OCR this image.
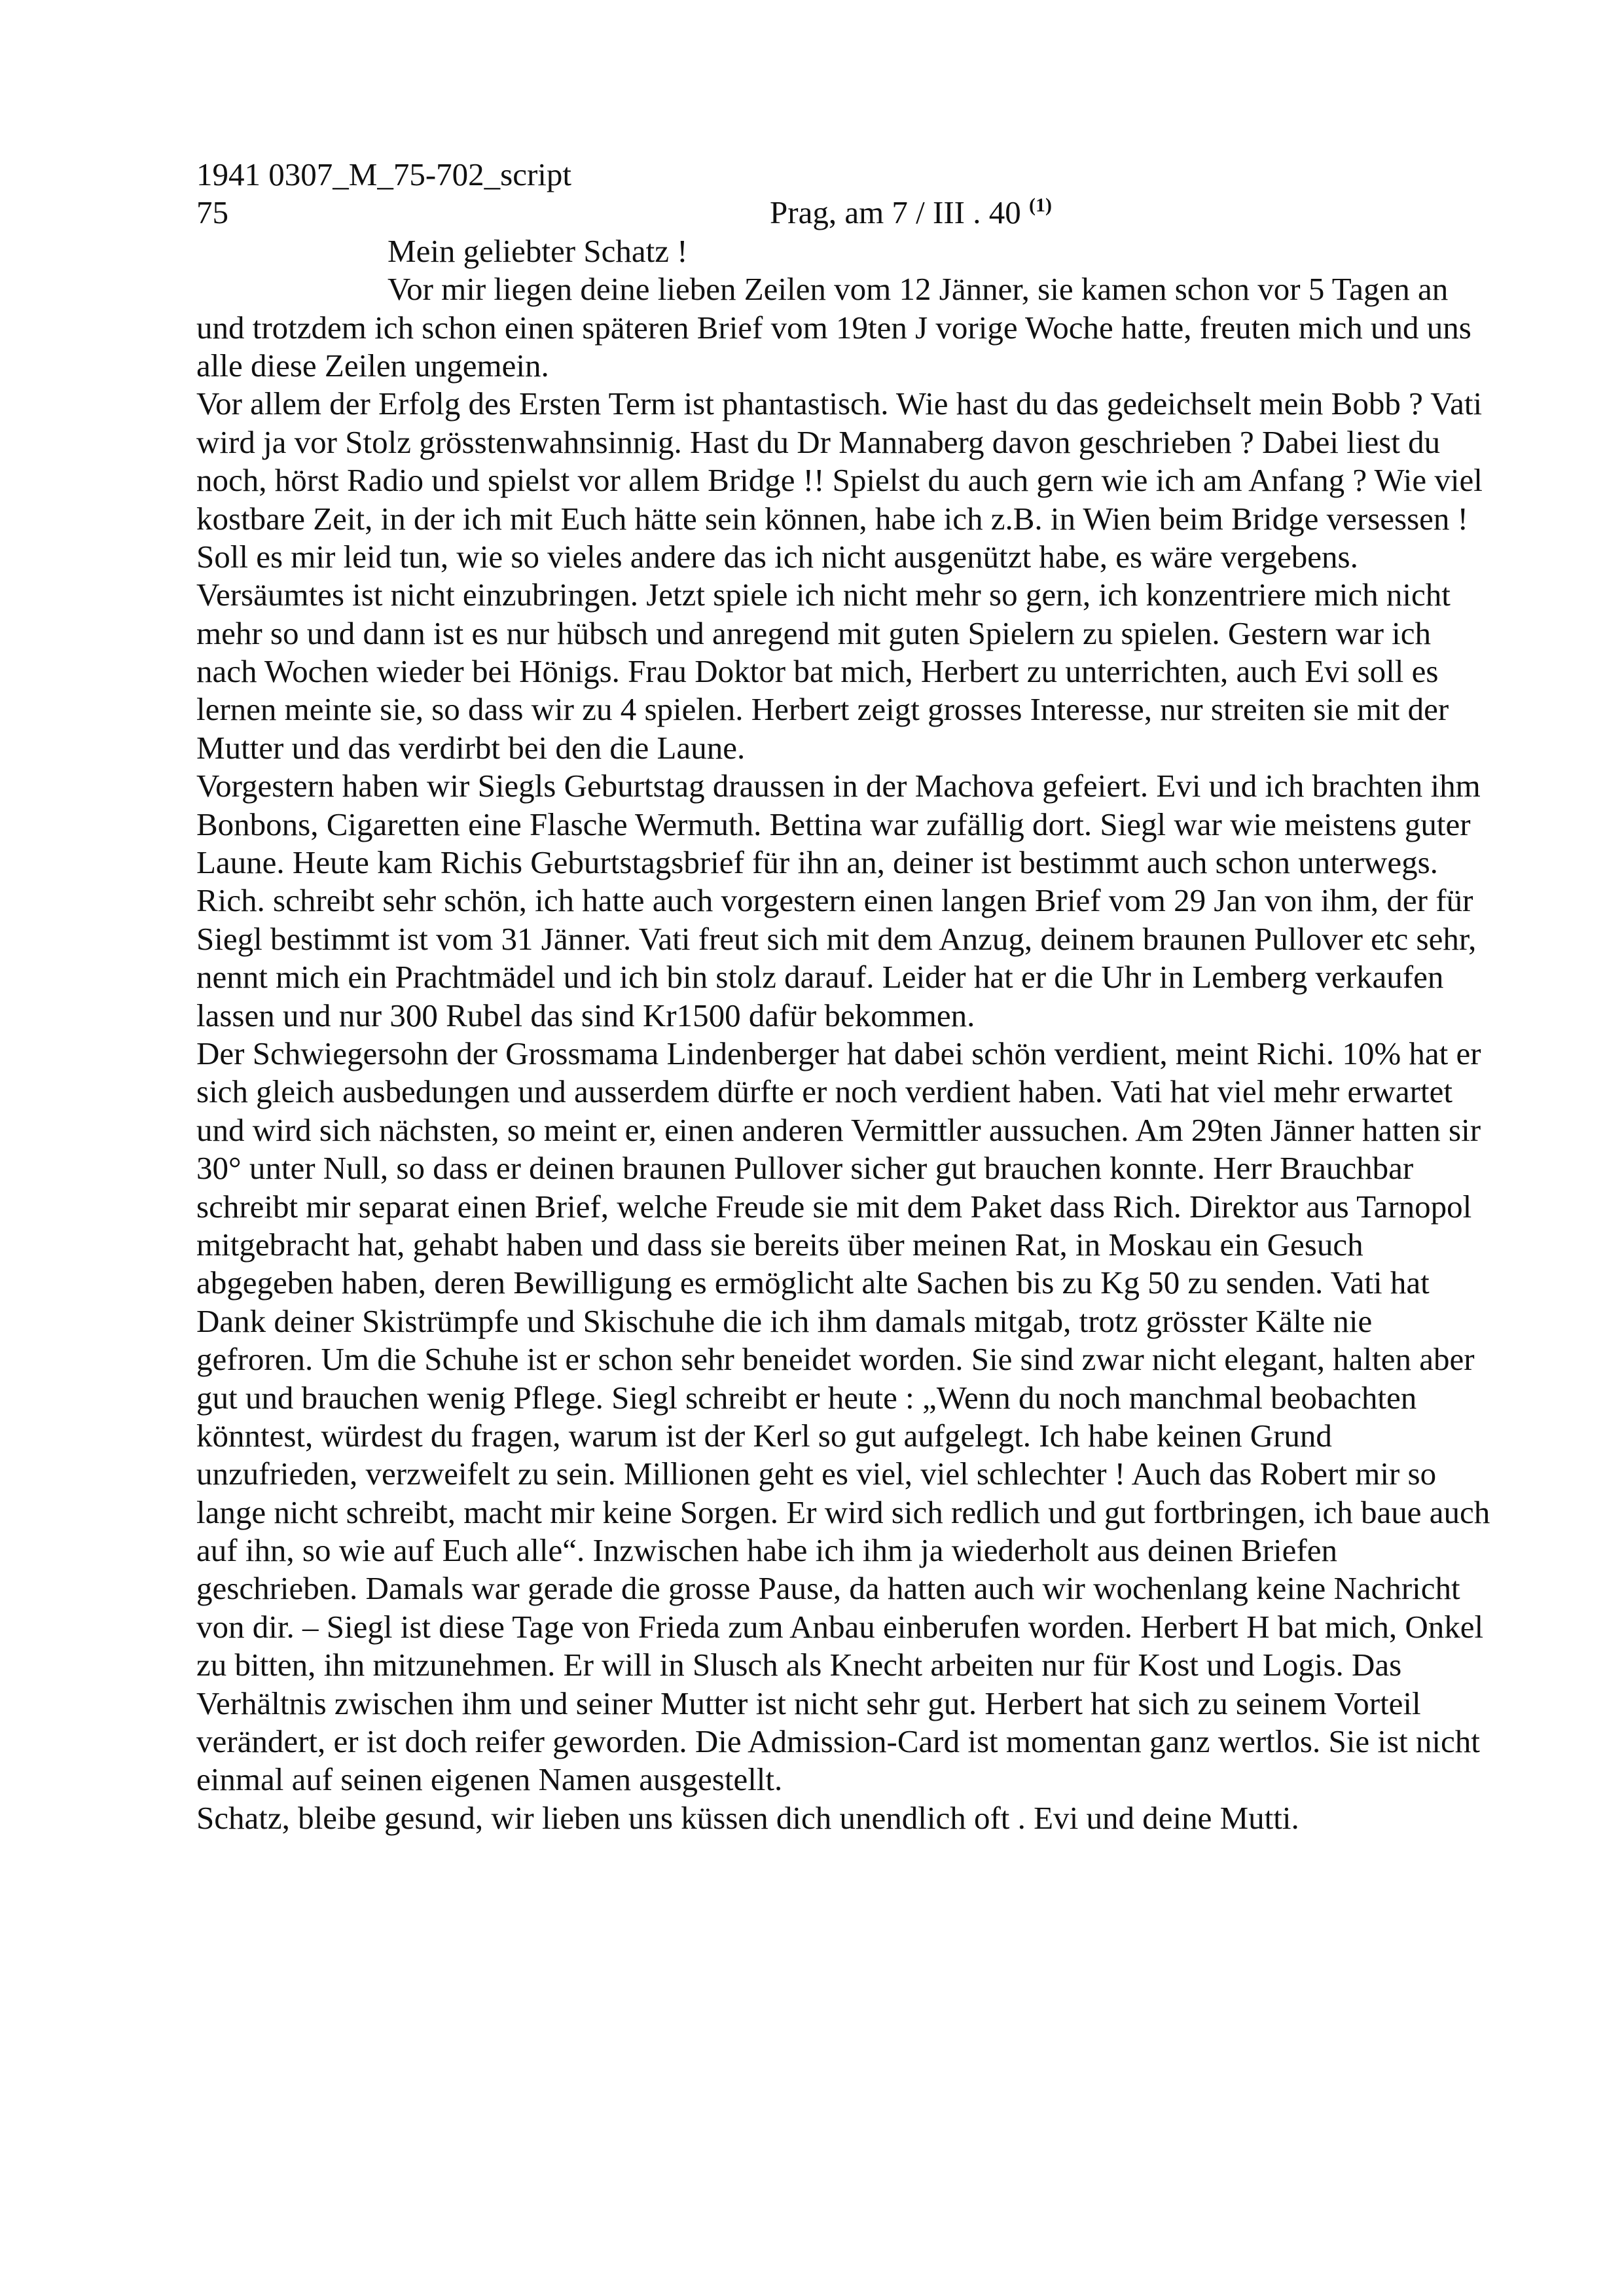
1941 0307_M_75-702_script
75	Prag, am 7 / III . 40 $^{(1)}$
Mein geliebter Schatz !
Vor mir liegen deine lieben Zeilen vom 12 Jänner, sie kamen schon vor 5 Tagen an
und trotzdem ich schon einen späteren Brief vom 19ten J vorige Woche hatte, freuten mich und uns
alle diese Zeilen ungemein.
Vor allem der Erfolg des Ersten Term ist phantastisch. Wie hast du das gedeichselt mein Bobb ? Vati
wird ja vor Stolz grösstenwahnsinnig. Hast du Dr Mannaberg davon geschrieben ? Dabei liest du
noch, hörst Radio und spielst vor allem Bridge !! Spielst du auch gern wie ich am Anfang ? Wie viel
kostbare Zeit, in der ich mit Euch hätte sein können, habe ich z.B. in Wien beim Bridge versessen !
Soll es mir leid tun, wie so vieles andere das ich nicht ausgenützt habe, es wäre vergebens.
Versäumtes ist nicht einzubringen. Jetzt spiele ich nicht mehr so gern, ich konzentriere mich nicht
mehr so und dann ist es nur hübsch und anregend mit guten Spielern zu spielen. Gestern war ich
nach Wochen wieder bei Hönigs. Frau Doktor bat mich, Herbert zu unterrichten, auch Evi soll es
lernen meinte sie, so dass wir zu 4 spielen. Herbert zeigt grosses Interesse, nur streiten sie mit der
Mutter und das verdirbt bei den die Laune.
Vorgestern haben wir Siegls Geburtstag draussen in der Machova gefeiert. Evi und ich brachten ihm
Bonbons, Cigaretten eine Flasche Wermuth. Bettina war zufällig dort. Siegl war wie meistens guter
Laune. Heute kam Richis Geburtstagsbrief für ihn an, deiner ist bestimmt auch schon unterwegs.
Rich. schreibt sehr schön, ich hatte auch vorgestern einen langen Brief vom 29 Jan von ihm, der für
Siegl bestimmt ist vom 31 Jänner. Vati freut sich mit dem Anzug, deinem braunen Pullover etc sehr,
nennt mich ein Prachtmädel und ich bin stolz darauf. Leider hat er die Uhr in Lemberg verkaufen
lassen und nur 300 Rubel das sind Kr1500 dafür bekommen.
Der Schwiegersohn der Grossmama Lindenberger hat dabei schön verdient, meint Richi. 10% hat er
sich gleich ausbedungen und ausserdem dürfte er noch verdient haben. Vati hat viel mehr erwartet
und wird sich nächsten, so meint er, einen anderen Vermittler aussuchen. Am 29ten Jänner hatten sir
30° unter Null, so dass er deinen braunen Pullover sicher gut brauchen konnte. Herr Brauchbar
schreibt mir separat einen Brief, welche Freude sie mit dem Paket dass Rich. Direktor aus Tarnopol
mitgebracht hat, gehabt haben und dass sie bereits über meinen Rat, in Moskau ein Gesuch
abgegeben haben, deren Bewilligung es ermöglicht alte Sachen bis zu Kg 50 zu senden. Vati hat
Dank deiner Skistrümpfe und Skischuhe die ich ihm damals mitgab, trotz grösster Kälte nie
gefroren. Um die Schuhe ist er schon sehr beneidet worden. Sie sind zwar nicht elegant, halten aber
gut und brauchen wenig Pflege. Siegl schreibt er heute : „Wenn du noch manchmal beobachten
könntest, würdest du fragen, warum ist der Kerl so gut aufgelegt. Ich habe keinen Grund
unzufrieden, verzweifelt zu sein. Millionen geht es viel, viel schlechter ! Auch das Robert mir so
lange nicht schreibt, macht mir keine Sorgen. Er wird sich redlich und gut fortbringen, ich baue auch
auf ihn, so wie auf Euch alle“. Inzwischen habe ich ihm ja wiederholt aus deinen Briefen
geschrieben. Damals war gerade die grosse Pause, da hatten auch wir wochenlang keine Nachricht
von dir. – Siegl ist diese Tage von Frieda zum Anbau einberufen worden. Herbert H bat mich, Onkel
zu bitten, ihn mitzunehmen. Er will in Slusch als Knecht arbeiten nur für Kost und Logis. Das
Verhältnis zwischen ihm und seiner Mutter ist nicht sehr gut. Herbert hat sich zu seinem Vorteil
verändert, er ist doch reifer geworden. Die Admission-Card ist momentan ganz wertlos. Sie ist nicht
einmal auf seinen eigenen Namen ausgestellt.
Schatz, bleibe gesund, wir lieben uns küssen dich unendlich oft . Evi und deine Mutti.
